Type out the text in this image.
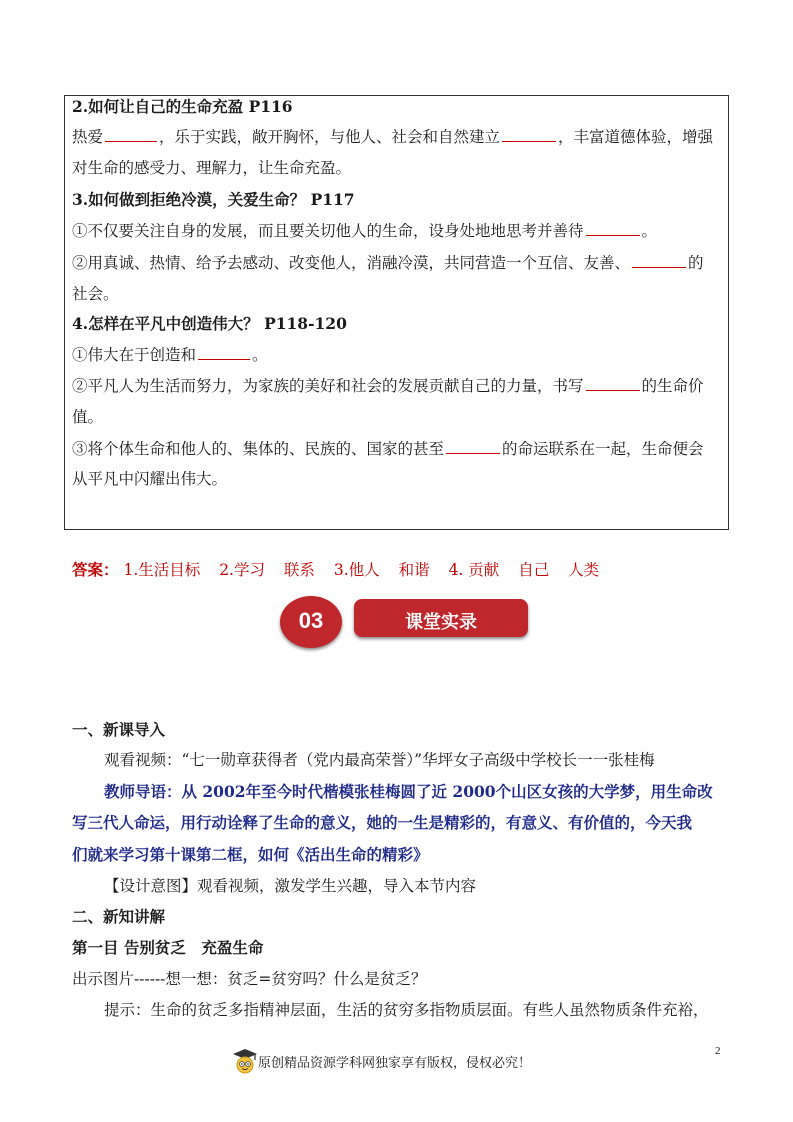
2.如何让自己的生命充盈 P116
热爱	，乐于实践，敞开胸怀，与他人、社会和自然建立	，丰富道德体验，增强
对生命的感受力、理解力，让生命充盈。
3.如何做到拒绝冷漠，关爱生命？ P117
①不仅要关注自身的发展，而且要关切他人的生命，设身处地地思考并善待	。
②用真诚、热情、给予去感动、改变他人，消融冷漠，共同营造一个互信、友善、	的
社会。
4.怎样在平凡中创造伟大？ P118-120
①伟大在于创造和	。
②平凡人为生活而努力，为家族的美好和社会的发展贡献自己的力量，书写	的生命价
值。
③将个体生命和他人的、集体的、民族的、国家的甚至	的命运联系在一起，生命便会
从平凡中闪耀出伟大。
答案： 1.生活目标 2.学习 联系 3.他人 和谐 4. 贡献 自己 人类
03	课堂实录
一、新课导入
观看视频：“七一勋章获得者（党内最高荣誉）”华坪女子高级中学校长一一张桂梅
教师导语：从 2002年至今时代楷模张桂梅圆了近 2000个山区女孩的大学梦，用生命改
写三代人命运，用行动诠释了生命的意义，她的一生是精彩的，有意义、有价值的，今天我
们就来学习第十课第二框，如何《活出生命的精彩》
【设计意图】观看视频，激发学生兴趣，导入本节内容
二、新知讲解
第一目 告别贫乏　充盈生命
出示图片------想一想：贫乏=贫穷吗？什么是贫乏？
提示：生命的贫乏多指精神层面，生活的贫穷多指物质层面。有些人虽然物质条件充裕，
原创精品资源学科网独家享有版权，侵权必究！
2
